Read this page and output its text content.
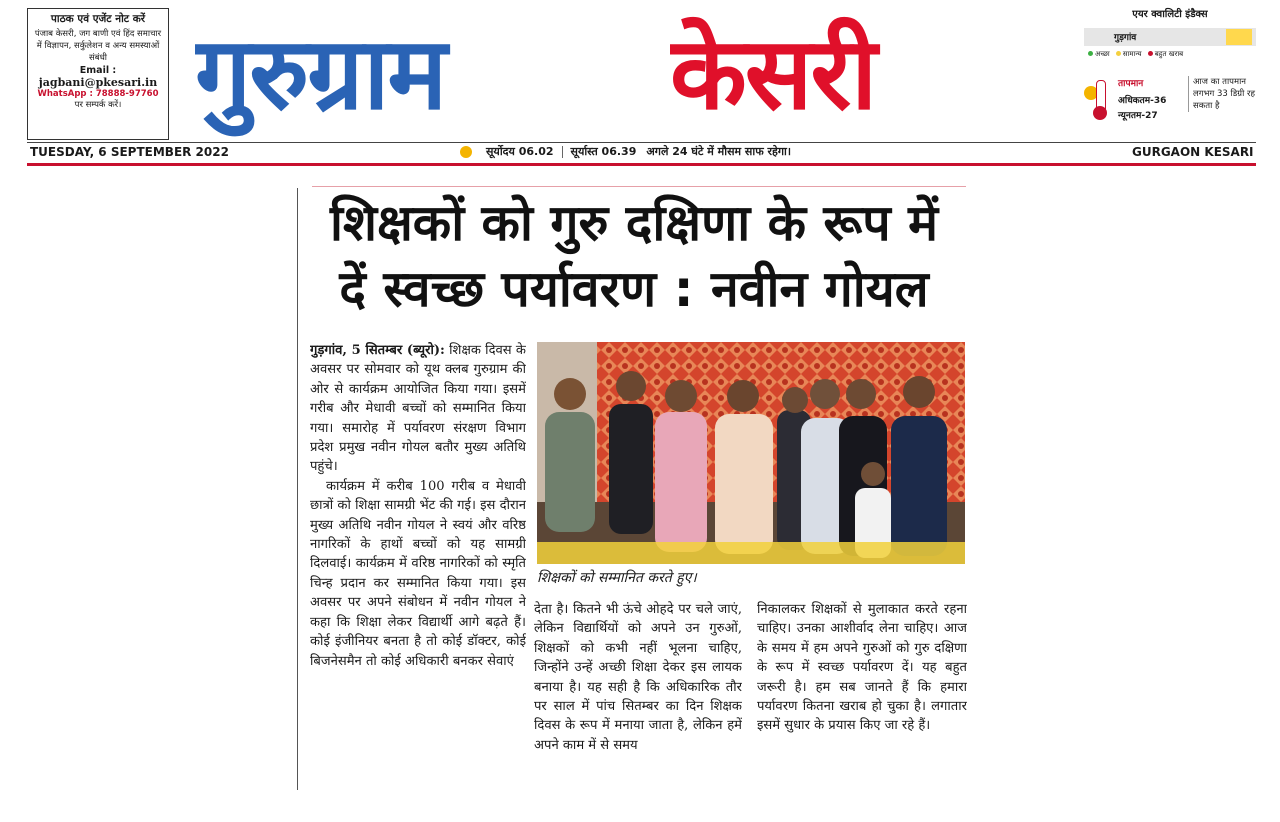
पाठक एवं एजेंट नोट करें
पंजाब केसरी, जग बाणी एवं हिंद समाचार में विज्ञापन, सर्कुलेशन व अन्य समस्याओं संबंधी
Email :
jagbani@pkesari.in
WhatsApp : 78888-97760
पर सम्पर्क करें। गुरुग्राम	केसरी
एयर क्वालिटी इंडैक्स
गुड़गांव
अच्छा सामान्य बहुत खराब
तापमान
अधिकतम-36
न्यूनतम-27
आज का तापमान लगभग 33 डिग्री रह सकता है
TUESDAY, 6 SEPTEMBER 2022	सूर्योदय 06.02 सूर्यास्त 06.39 अगले 24 घंटे में मौसम साफ रहेगा।	GURGAON KESARI
शिक्षकों को गुरु दक्षिणा के रूप में
दें स्वच्छ पर्यावरण : नवीन गोयल

गुड़गांव, 5 सितम्बर (ब्यूरो): शिक्षक दिवस के अवसर पर सोमवार को यूथ क्लब गुरुग्राम की ओर से कार्यक्रम आयोजित किया गया। इसमें गरीब और मेधावी बच्चों को सम्मानित किया गया। समारोह में पर्यावरण संरक्षण विभाग प्रदेश प्रमुख नवीन गोयल बतौर मुख्य अतिथि पहुंचे।

कार्यक्रम में करीब 100 गरीब व मेधावी छात्रों को शिक्षा सामग्री भेंट की गई। इस दौरान मुख्य अतिथि नवीन गोयल ने स्वयं और वरिष्ठ नागरिकों के हाथों बच्चों को यह सामग्री दिलवाई। कार्यक्रम में वरिष्ठ नागरिकों को स्मृति चिन्ह प्रदान कर सम्मानित किया गया। इस अवसर पर अपने संबोधन में नवीन गोयल ने कहा कि शिक्षा लेकर विद्यार्थी आगे बढ़ते हैं। कोई इंजीनियर बनता है तो कोई डॉक्टर, कोई बिजनेसमैन तो कोई अधिकारी बनकर सेवाएं

शिक्षकों को सम्मानित करते हुए।

देता है। कितने भी ऊंचे ओहदे पर चले जाएं, लेकिन विद्यार्थियों को अपने उन गुरुओं, शिक्षकों को कभी नहीं भूलना चाहिए, जिन्होंने उन्हें अच्छी शिक्षा देकर इस लायक बनाया है। यह सही है कि अधिकारिक तौर पर साल में पांच सितम्बर का दिन शिक्षक दिवस के रूप में मनाया जाता है, लेकिन हमें अपने काम में से समय

निकालकर शिक्षकों से मुलाकात करते रहना चाहिए। उनका आशीर्वाद लेना चाहिए। आज के समय में हम अपने गुरुओं को गुरु दक्षिणा के रूप में स्वच्छ पर्यावरण दें। यह बहुत जरूरी है। हम सब जानते हैं कि हमारा पर्यावरण कितना खराब हो चुका है। लगातार इसमें सुधार के प्रयास किए जा रहे हैं।
